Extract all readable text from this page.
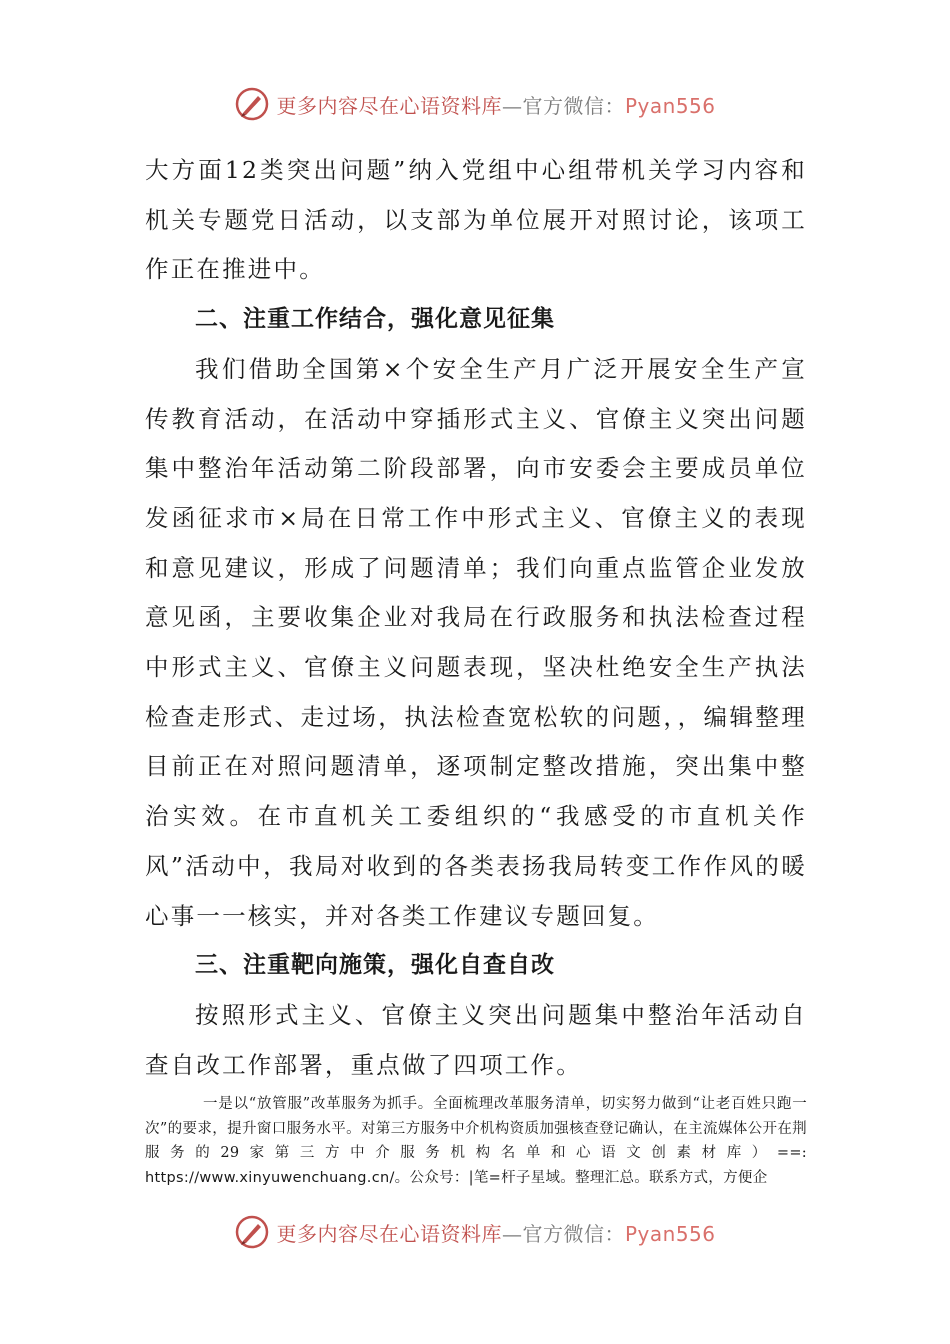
更多内容尽在心语资料库—官方微信：Pyan556

大方面12类突出问题”纳入党组中心组带机关学习内容和机关专题党日活动，以支部为单位展开对照讨论，该项工作正在推进中。

二、注重工作结合，强化意见征集

我们借助全国第×个安全生产月广泛开展安全生产宣传教育活动，在活动中穿插形式主义、官僚主义突出问题集中整治年活动第二阶段部署，向市安委会主要成员单位发函征求市×局在日常工作中形式主义、官僚主义的表现和意见建议，形成了问题清单；我们向重点监管企业发放意见函，主要收集企业对我局在行政服务和执法检查过程中形式主义、官僚主义问题表现，坚决杜绝安全生产执法检查走形式、走过场，执法检查宽松软的问题，，编辑整理目前正在对照问题清单，逐项制定整改措施，突出集中整治实效。在市直机关工委组织的“我感受的市直机关作风”活动中，我局对收到的各类表扬我局转变工作作风的暖心事一一核实，并对各类工作建议专题回复。

三、注重靶向施策，强化自查自改

按照形式主义、官僚主义突出问题集中整治年活动自查自改工作部署，重点做了四项工作。

一是以“放管服”改革服务为抓手。全面梳理改革服务清单，切实努力做到“让老百姓只跑一次”的要求，提升窗口服务水平。对第三方服务中介机构资质加强核查登记确认，在主流媒体公开在荆服务的29家第三方中介服务机构名单和心语文创素材库）==: https://www.xinyuwenchuang.cn/。公众号：|笔=杆子星域。整理汇总。联系方式，方便企

更多内容尽在心语资料库—官方微信：Pyan556
